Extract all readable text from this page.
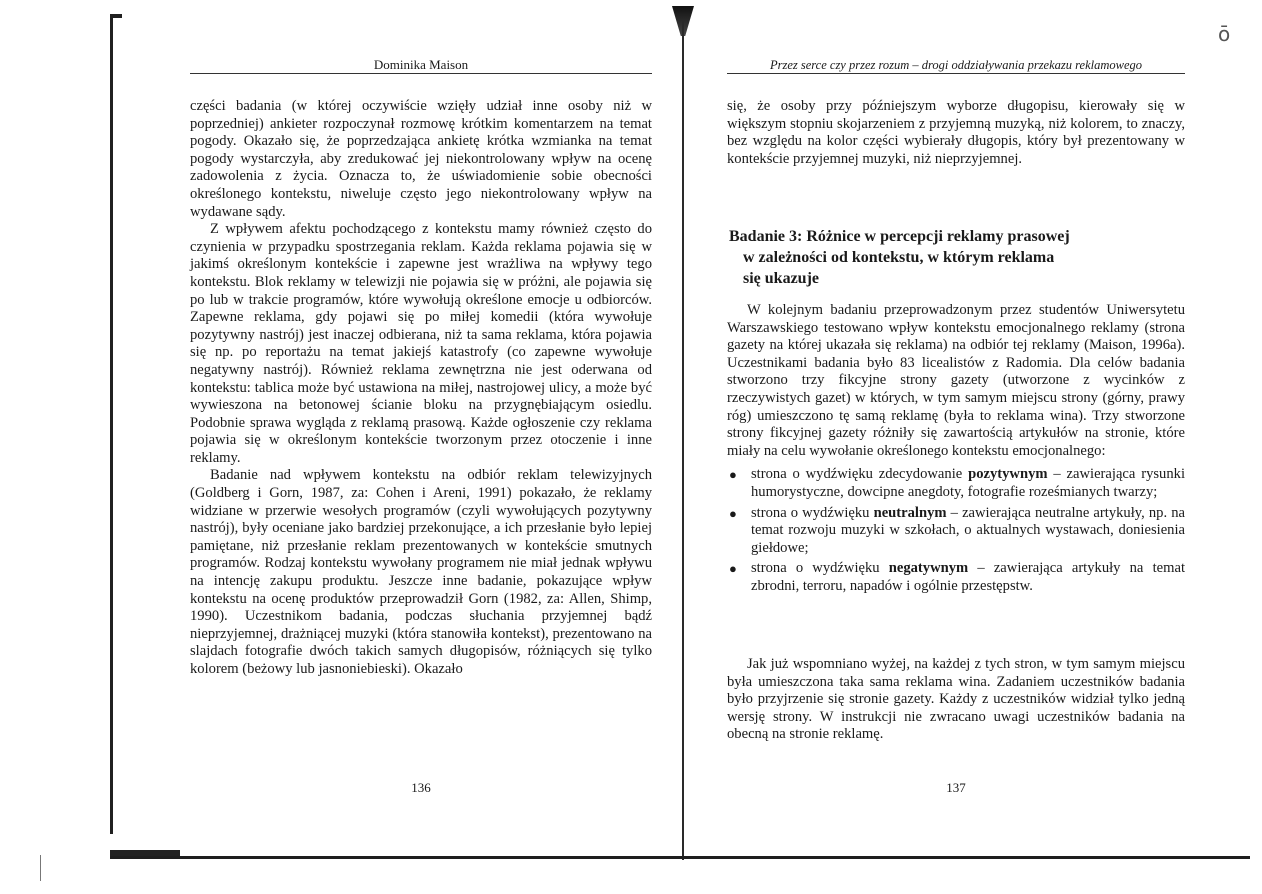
ō
Dominika Maison

części badania (w której oczywiście wzięły udział inne osoby niż w poprzedniej) ankieter rozpoczynał rozmowę krótkim komentarzem na temat pogody. Okazało się, że poprzedzająca ankietę krótka wzmianka na temat pogody wystarczyła, aby zredukować jej niekontrolowany wpływ na ocenę zadowolenia z życia. Oznacza to, że uświadomienie sobie obecności określonego kontekstu, niweluje często jego niekontrolowany wpływ na wydawane sądy.

Z wpływem afektu pochodzącego z kontekstu mamy również często do czynienia w przypadku spostrzegania reklam. Każda reklama pojawia się w jakimś określonym kontekście i zapewne jest wrażliwa na wpływy tego kontekstu. Blok reklamy w telewizji nie pojawia się w próżni, ale pojawia się po lub w trakcie programów, które wywołują określone emocje u odbiorców. Zapewne reklama, gdy pojawi się po miłej komedii (która wywołuje pozytywny nastrój) jest inaczej odbierana, niż ta sama reklama, która pojawia się np. po reportażu na temat jakiejś katastrofy (co zapewne wywołuje negatywny nastrój). Również reklama zewnętrzna nie jest oderwana od kontekstu: tablica może być ustawiona na miłej, nastrojowej ulicy, a może być wywieszona na betonowej ścianie bloku na przygnębiającym osiedlu. Podobnie sprawa wygląda z reklamą prasową. Każde ogłoszenie czy reklama pojawia się w określonym kontekście tworzonym przez otoczenie i inne reklamy.

Badanie nad wpływem kontekstu na odbiór reklam telewizyjnych (Goldberg i Gorn, 1987, za: Cohen i Areni, 1991) pokazało, że reklamy widziane w przerwie wesołych programów (czyli wywołujących pozytywny nastrój), były oceniane jako bardziej przekonujące, a ich przesłanie było lepiej pamiętane, niż przesłanie reklam prezentowanych w kontekście smutnych programów. Rodzaj kontekstu wywołany programem nie miał jednak wpływu na intencję zakupu produktu. Jeszcze inne badanie, pokazujące wpływ kontekstu na ocenę produktów przeprowadził Gorn (1982, za: Allen, Shimp, 1990). Uczestnikom badania, podczas słuchania przyjemnej bądź nieprzyjemnej, drażniącej muzyki (która stanowiła kontekst), prezentowano na slajdach fotografie dwóch takich samych długopisów, różniących się tylko kolorem (beżowy lub jasnoniebieski). Okazało

136
Przez serce czy przez rozum – drogi oddziaływania przekazu reklamowego

się, że osoby przy późniejszym wyborze długopisu, kierowały się w większym stopniu skojarzeniem z przyjemną muzyką, niż kolorem, to znaczy, bez względu na kolor części wybierały długopis, który był prezentowany w kontekście przyjemnej muzyki, niż nieprzyjemnej.

Badanie 3: Różnice w percepcji reklamy prasowej
w zależności od kontekstu, w którym reklama
się ukazuje

W kolejnym badaniu przeprowadzonym przez studentów Uniwersytetu Warszawskiego testowano wpływ kontekstu emocjonalnego reklamy (strona gazety na której ukazała się reklama) na odbiór tej reklamy (Maison, 1996a). Uczestnikami badania było 83 licealistów z Radomia. Dla celów badania stworzono trzy fikcyjne strony gazety (utworzone z wycinków z rzeczywistych gazet) w których, w tym samym miejscu strony (górny, prawy róg) umieszczono tę samą reklamę (była to reklama wina). Trzy stworzone strony fikcyjnej gazety różniły się zawartością artykułów na stronie, które miały na celu wywołanie określonego kontekstu emocjonalnego:

● strona o wydźwięku zdecydowanie pozytywnym – zawierająca rysunki humorystyczne, dowcipne anegdoty, fotografie roześmianych twarzy;
● strona o wydźwięku neutralnym – zawierająca neutralne artykuły, np. na temat rozwoju muzyki w szkołach, o aktualnych wystawach, doniesienia giełdowe;
● strona o wydźwięku negatywnym – zawierająca artykuły na temat zbrodni, terroru, napadów i ogólnie przestępstw.

Jak już wspomniano wyżej, na każdej z tych stron, w tym samym miejscu była umieszczona taka sama reklama wina. Zadaniem uczestników badania było przyjrzenie się stronie gazety. Każdy z uczestników widział tylko jedną wersję strony. W instrukcji nie zwracano uwagi uczestników badania na obecną na stronie reklamę.

137
